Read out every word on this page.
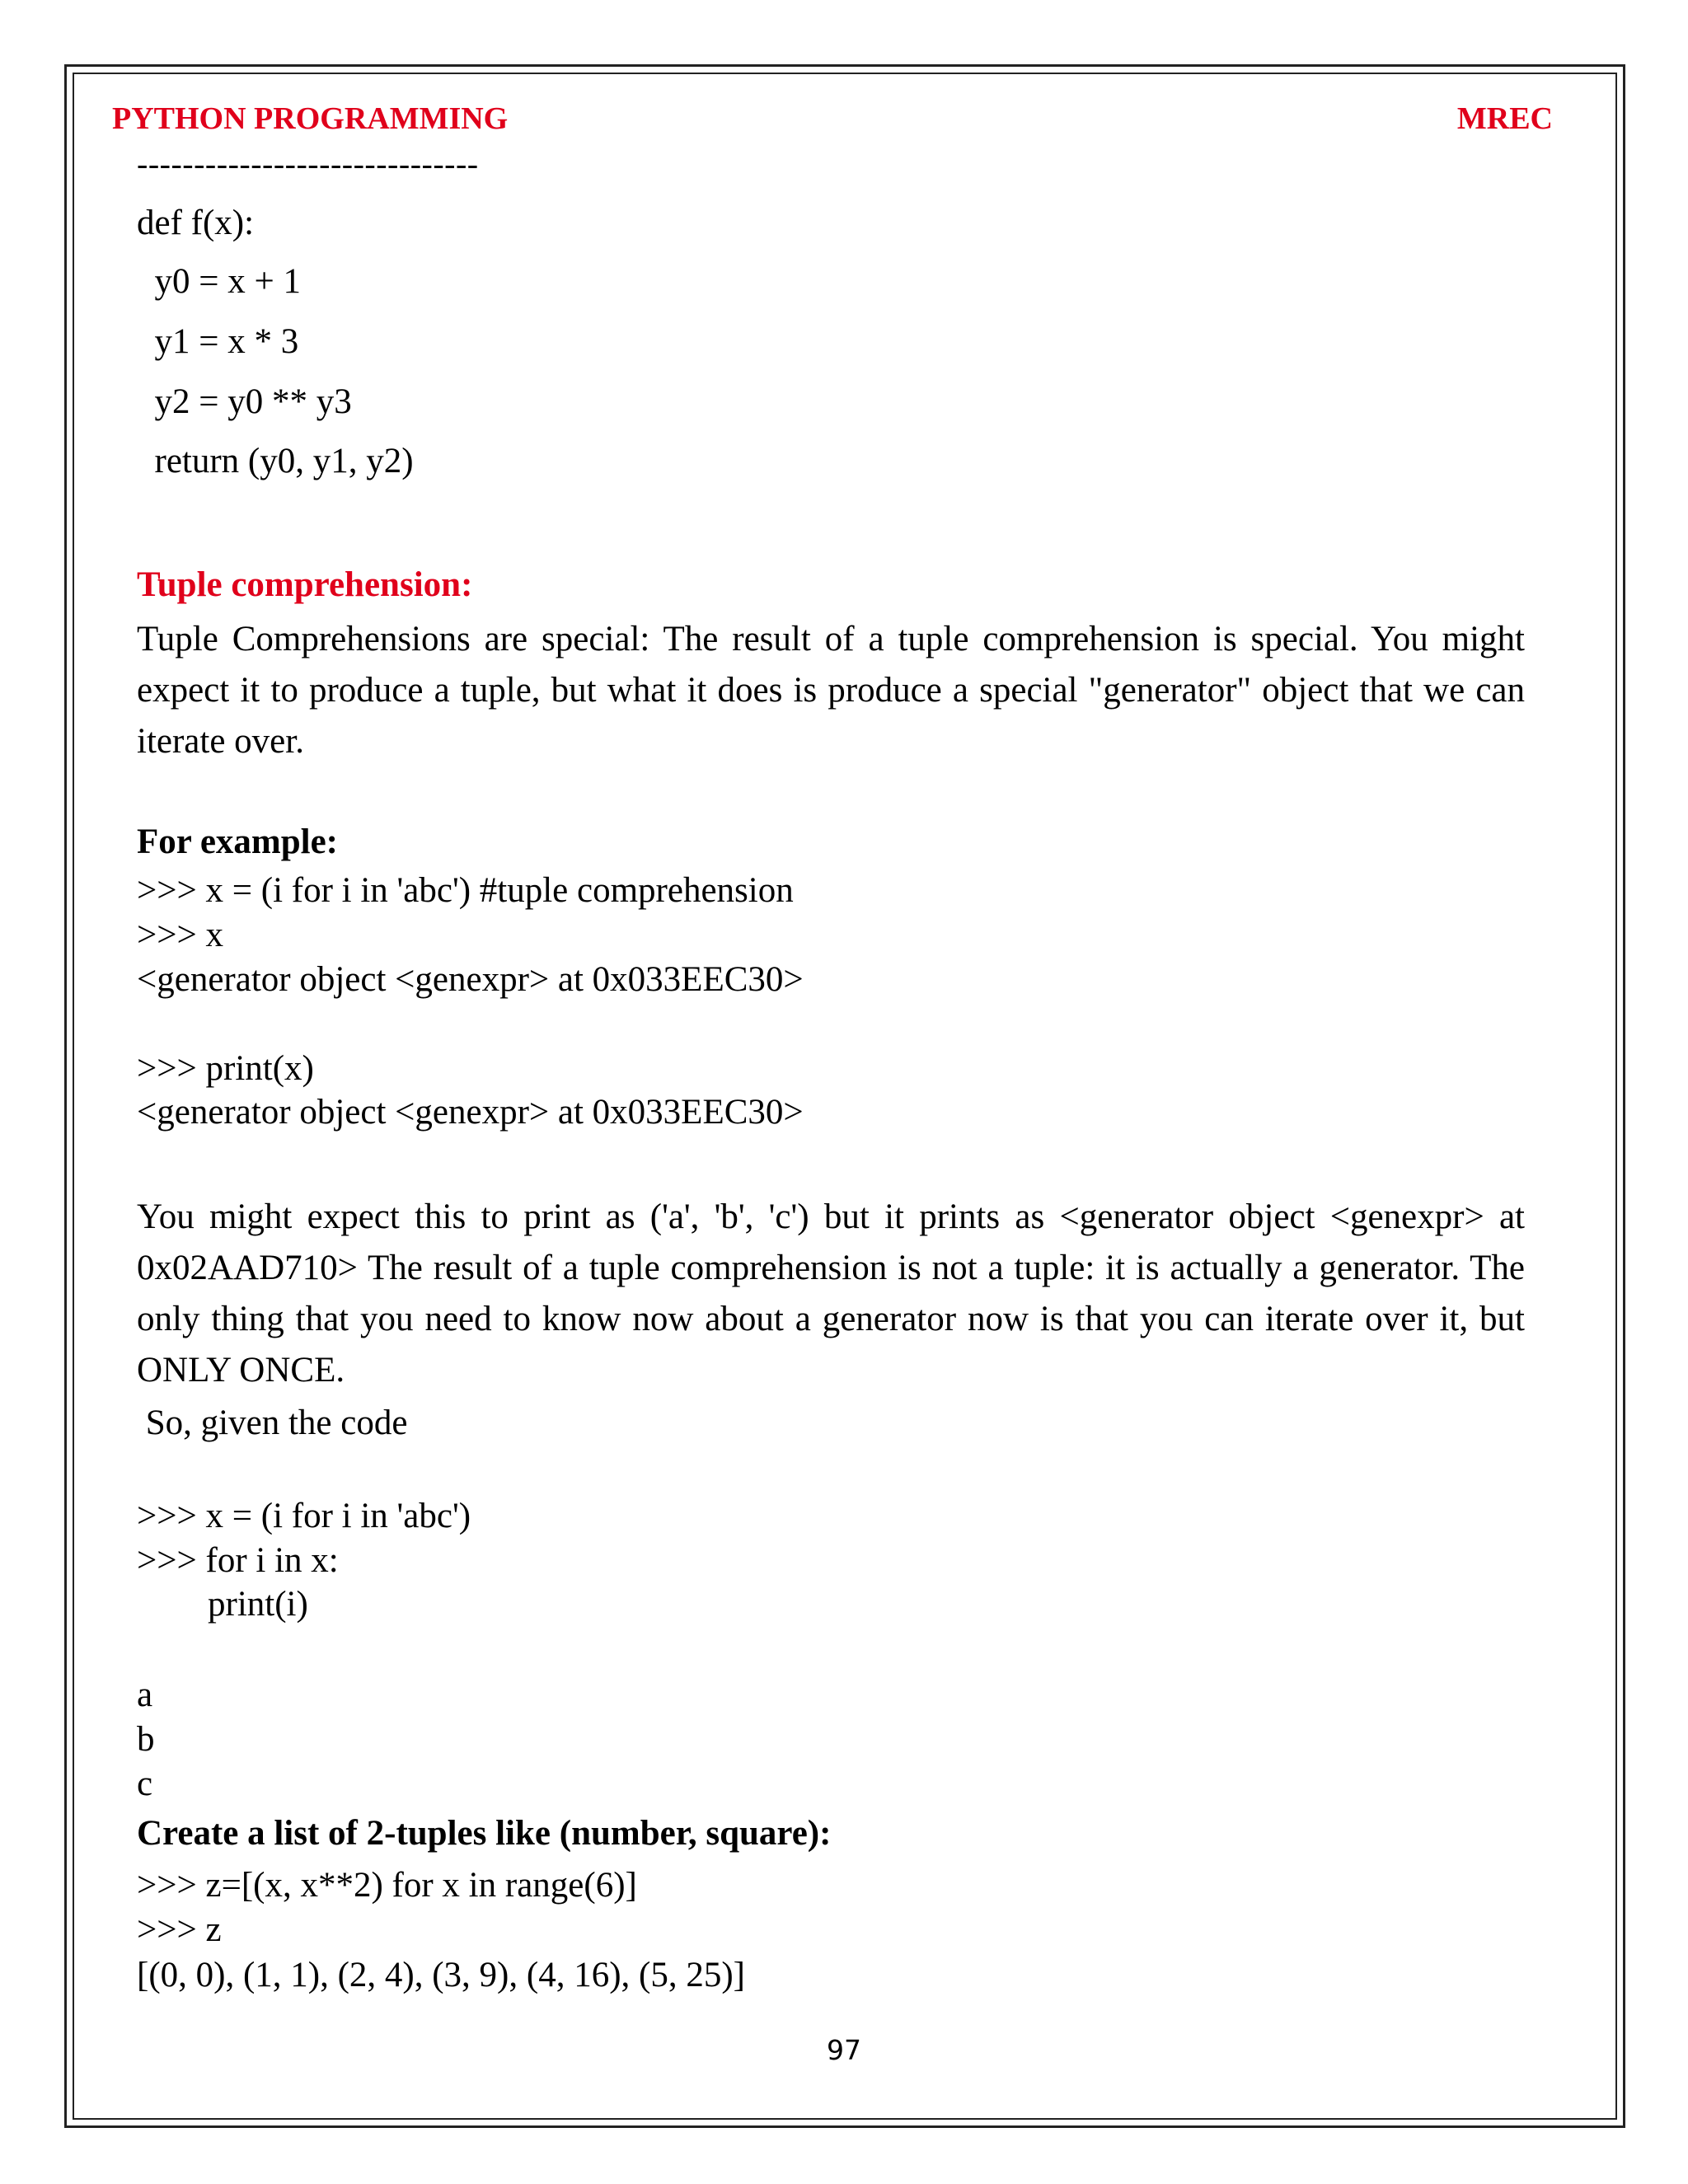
PYTHON PROGRAMMING	MREC
------------------------------
def f(x):
y0 = x + 1
y1 = x * 3
y2 = y0 ** y3
return (y0, y1, y2)
Tuple comprehension:
Tuple Comprehensions are special: The result of a tuple comprehension is special. You might expect it to produce a tuple, but what it does is produce a special "generator" object that we can iterate over.
For example:
>>> x = (i for i in 'abc') #tuple comprehension
>>> x
<generator object <genexpr> at 0x033EEC30>
>>> print(x)
<generator object <genexpr> at 0x033EEC30>
You might expect this to print as ('a', 'b', 'c') but it prints as <generator object <genexpr> at 0x02AAD710> The result of a tuple comprehension is not a tuple: it is actually a generator. The only thing that you need to know now about a generator now is that you can iterate over it, but ONLY ONCE.
So, given the code
>>> x = (i for i in 'abc')
>>> for i in x:
print(i)
a
b
c
Create a list of 2-tuples like (number, square):
>>> z=[(x, x**2) for x in range(6)]
>>> z
[(0, 0), (1, 1), (2, 4), (3, 9), (4, 16), (5, 25)]
97
